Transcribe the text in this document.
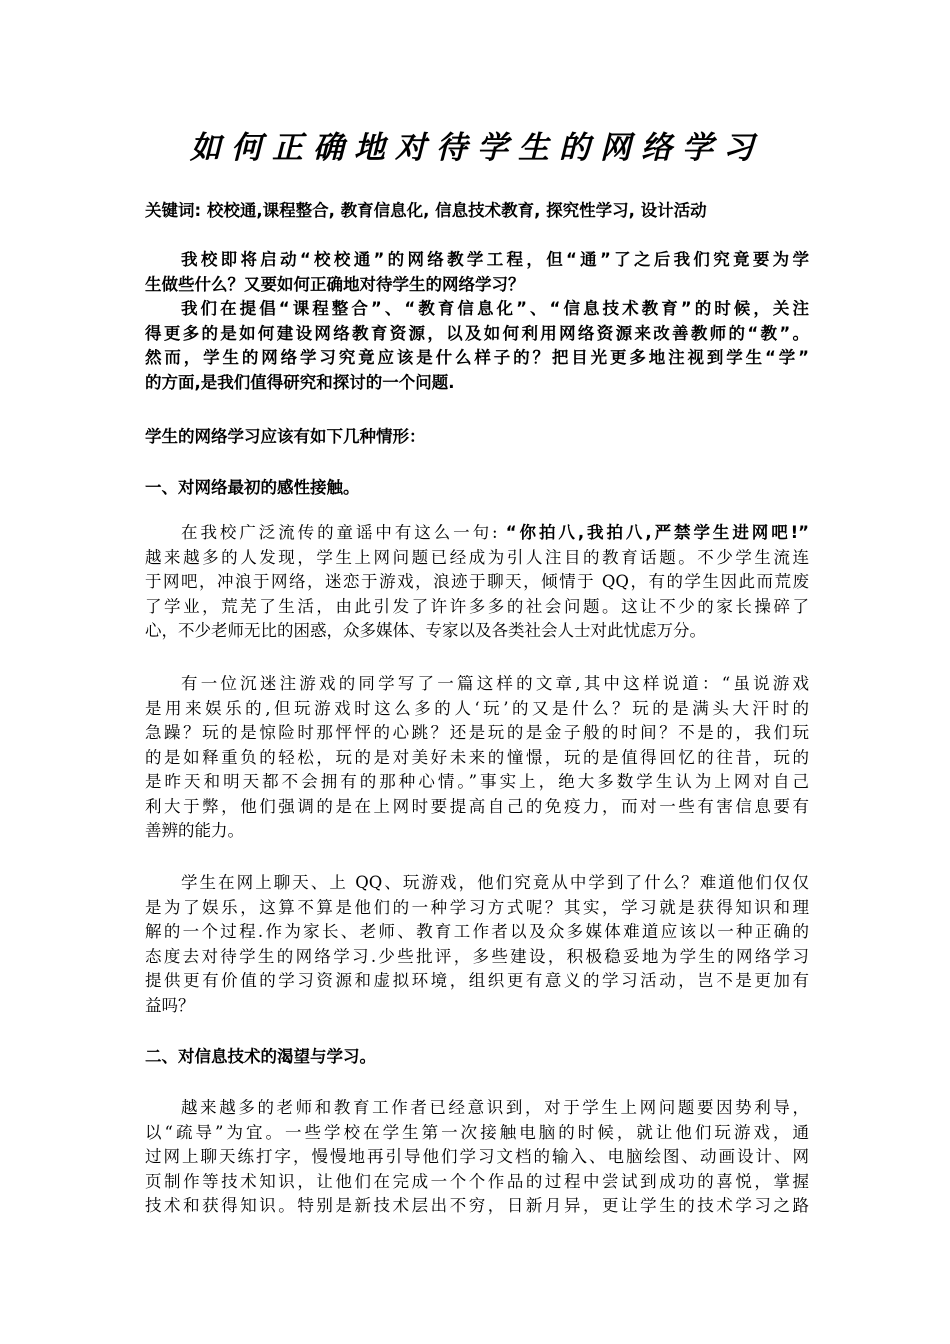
如何正确地对待学生的网络学习
关键词: 校校通,课程整合, 教育信息化, 信息技术教育, 探究性学习, 设计活动
我校即将启动“校校通”的网络教学工程，但“通”了之后我们究竟要为学
生做些什么？又要如何正确地对待学生的网络学习？
我们在提倡“课程整合”、“教育信息化”、“信息技术教育”的时候，关注
得更多的是如何建设网络教育资源，以及如何利用网络资源来改善教师的“教”。
然而，学生的网络学习究竟应该是什么样子的？把目光更多地注视到学生“学”
的方面,是我们值得研究和探讨的一个问题.
学生的网络学习应该有如下几种情形：
一、对网络最初的感性接触。
在我校广泛流传的童谣中有这么一句: “你拍八,我拍八,严禁学生进网吧!”
越来越多的人发现，学生上网问题已经成为引人注目的教育话题。不少学生流连
于网吧，冲浪于网络，迷恋于游戏，浪迹于聊天，倾情于 QQ，有的学生因此而荒废
了学业，荒芜了生活，由此引发了许许多多的社会问题。这让不少的家长操碎了
心，不少老师无比的困惑，众多媒体、专家以及各类社会人士对此忧虑万分。
有一位沉迷注游戏的同学写了一篇这样的文章,其中这样说道：“虽说游戏
是用来娱乐的,但玩游戏时这么多的人‘玩’的又是什么？玩的是满头大汗时的
急躁？玩的是惊险时那怦怦的心跳？还是玩的是金子般的时间？不是的，我们玩
的是如释重负的轻松，玩的是对美好未来的憧憬，玩的是值得回忆的往昔，玩的
是昨天和明天都不会拥有的那种心情。”事实上，绝大多数学生认为上网对自己
利大于弊，他们强调的是在上网时要提高自己的免疫力，而对一些有害信息要有
善辨的能力。
学生在网上聊天、上 QQ、玩游戏，他们究竟从中学到了什么？难道他们仅仅
是为了娱乐，这算不算是他们的一种学习方式呢？其实，学习就是获得知识和理
解的一个过程.作为家长、老师、教育工作者以及众多媒体难道应该以一种正确的
态度去对待学生的网络学习.少些批评，多些建设，积极稳妥地为学生的网络学习
提供更有价值的学习资源和虚拟环境，组织更有意义的学习活动，岂不是更加有
益吗？
二、对信息技术的渴望与学习。
越来越多的老师和教育工作者已经意识到，对于学生上网问题要因势利导，
以“疏导”为宜。一些学校在学生第一次接触电脑的时候，就让他们玩游戏，通
过网上聊天练打字，慢慢地再引导他们学习文档的输入、电脑绘图、动画设计、网
页制作等技术知识，让他们在完成一个个作品的过程中尝试到成功的喜悦，掌握
技术和获得知识。特别是新技术层出不穷，日新月异，更让学生的技术学习之路
